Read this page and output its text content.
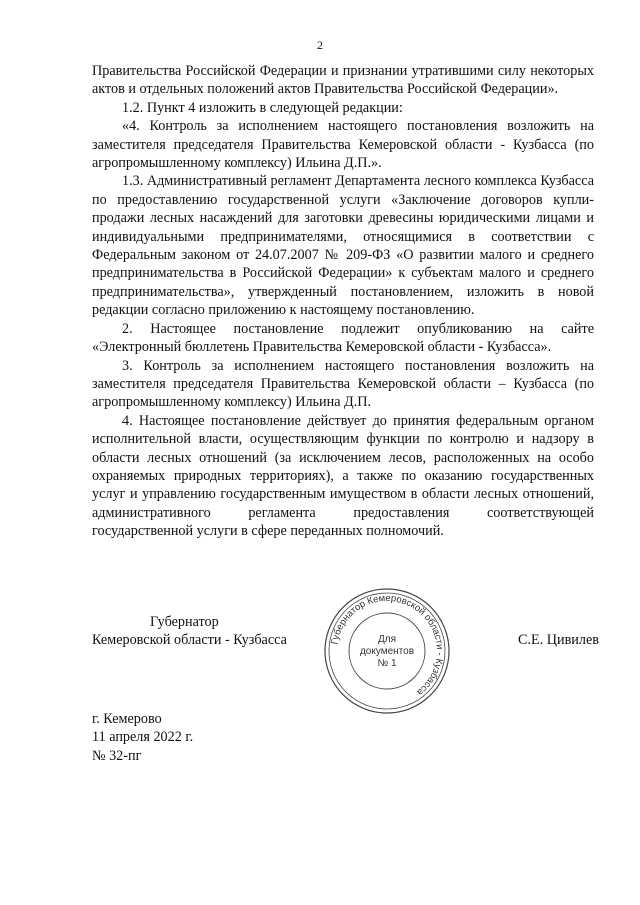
2

Правительства Российской Федерации и признании утратившими силу некоторых актов и отдельных положений актов Правительства Российской Федерации».

1.2. Пункт 4 изложить в следующей редакции:

«4. Контроль за исполнением настоящего постановления возложить на заместителя председателя Правительства Кемеровской области - Кузбасса (по агропромышленному комплексу) Ильина Д.П.».

1.3. Административный регламент Департамента лесного комплекса Кузбасса по предоставлению государственной услуги «Заключение договоров купли-продажи лесных насаждений для заготовки древесины юридическими лицами и индивидуальными предпринимателями, относящимися в соответствии с Федеральным законом от 24.07.2007 № 209-ФЗ «О развитии малого и среднего предпринимательства в Российской Федерации» к субъектам малого и среднего предпринимательства», утвержденный постановлением, изложить в новой редакции согласно приложению к настоящему постановлению.

2. Настоящее постановление подлежит опубликованию на сайте «Электронный бюллетень Правительства Кемеровской области - Кузбасса».

3. Контроль за исполнением настоящего постановления возложить на заместителя председателя Правительства Кемеровской области – Кузбасса (по агропромышленному комплексу) Ильина Д.П.

4. Настоящее постановление действует до принятия федеральным органом исполнительной власти, осуществляющим функции по контролю и надзору в области лесных отношений (за исключением лесов, расположенных на особо охраняемых природных территориях), а также по оказанию государственных услуг и управлению государственным имуществом в области лесных отношений, административного регламента предоставления соответствующей государственной услуги в сфере переданных полномочий.

Губернатор
Кемеровской области - Кузбасса	С.Е. Цивилев
Губернатор Кемеровской области - Кузбасса
Для
документов
№ 1
г. Кемерово
11 апреля 2022 г.
№ 32-пг
